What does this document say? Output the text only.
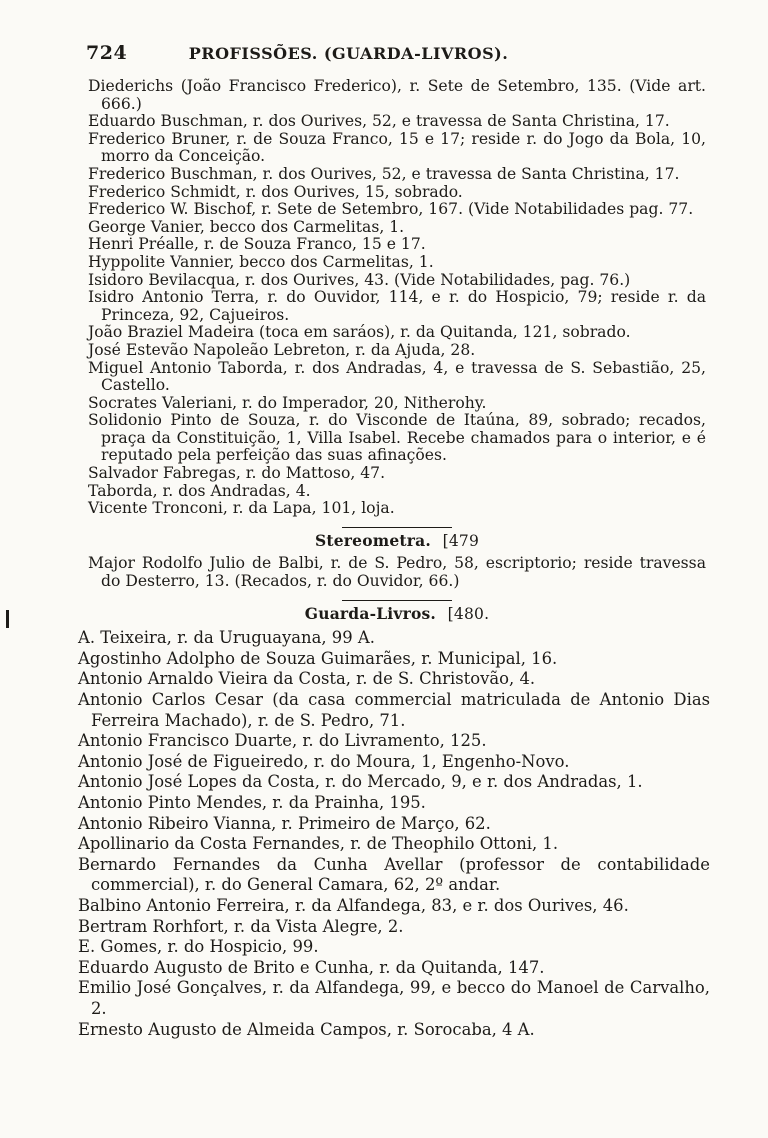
724	PROFISSÕES. (GUARDA-LIVROS).
Diederichs (João Francisco Frederico), r. Sete de Setembro, 135. (Vide art. 666.)
Eduardo Buschman, r. dos Ourives, 52, e travessa de Santa Christina, 17.
Frederico Bruner, r. de Souza Franco, 15 e 17; reside r. do Jogo da Bola, 10, morro da Conceição.
Frederico Buschman, r. dos Ourives, 52, e travessa de Santa Christina, 17.
Frederico Schmidt, r. dos Ourives, 15, sobrado.
Frederico W. Bischof, r. Sete de Setembro, 167. (Vide Notabilidades pag. 77.
George Vanier, becco dos Carmelitas, 1.
Henri Préalle, r. de Souza Franco, 15 e 17.
Hyppolite Vannier, becco dos Carmelitas, 1.
Isidoro Bevilacqua, r. dos Ourives, 43. (Vide Notabilidades, pag. 76.)
Isidro Antonio Terra, r. do Ouvidor, 114, e r. do Hospicio, 79; reside r. da Princeza, 92, Cajueiros.
João Braziel Madeira (toca em saráos), r. da Quitanda, 121, sobrado.
José Estevão Napoleão Lebreton, r. da Ajuda, 28.
Miguel Antonio Taborda, r. dos Andradas, 4, e travessa de S. Sebastião, 25, Castello.
Socrates Valeriani, r. do Imperador, 20, Nitherohy.
Solidonio Pinto de Souza, r. do Visconde de Itaúna, 89, sobrado; recados, praça da Constituição, 1, Villa Isabel. Recebe chamados para o interior, e é reputado pela perfeição das suas afinações.
Salvador Fabregas, r. do Mattoso, 47.
Taborda, r. dos Andradas, 4.
Vicente Tronconi, r. da Lapa, 101, loja.
Stereometra. [479
Major Rodolfo Julio de Balbi, r. de S. Pedro, 58, escriptorio; reside travessa do Desterro, 13. (Recados, r. do Ouvidor, 66.)
Guarda-Livros. [480.
A. Teixeira, r. da Uruguayana, 99 A.
Agostinho Adolpho de Souza Guimarães, r. Municipal, 16.
Antonio Arnaldo Vieira da Costa, r. de S. Christovão, 4.
Antonio Carlos Cesar (da casa commercial matriculada de Antonio Dias Ferreira Machado), r. de S. Pedro, 71.
Antonio Francisco Duarte, r. do Livramento, 125.
Antonio José de Figueiredo, r. do Moura, 1, Engenho-Novo.
Antonio José Lopes da Costa, r. do Mercado, 9, e r. dos Andradas, 1.
Antonio Pinto Mendes, r. da Prainha, 195.
Antonio Ribeiro Vianna, r. Primeiro de Março, 62.
Apollinario da Costa Fernandes, r. de Theophilo Ottoni, 1.
Bernardo Fernandes da Cunha Avellar (professor de contabilidade commercial), r. do General Camara, 62, 2º andar.
Balbino Antonio Ferreira, r. da Alfandega, 83, e r. dos Ourives, 46.
Bertram Rorhfort, r. da Vista Alegre, 2.
E. Gomes, r. do Hospicio, 99.
Eduardo Augusto de Brito e Cunha, r. da Quitanda, 147.
Emilio José Gonçalves, r. da Alfandega, 99, e becco do Manoel de Carvalho, 2.
Ernesto Augusto de Almeida Campos, r. Sorocaba, 4 A.
